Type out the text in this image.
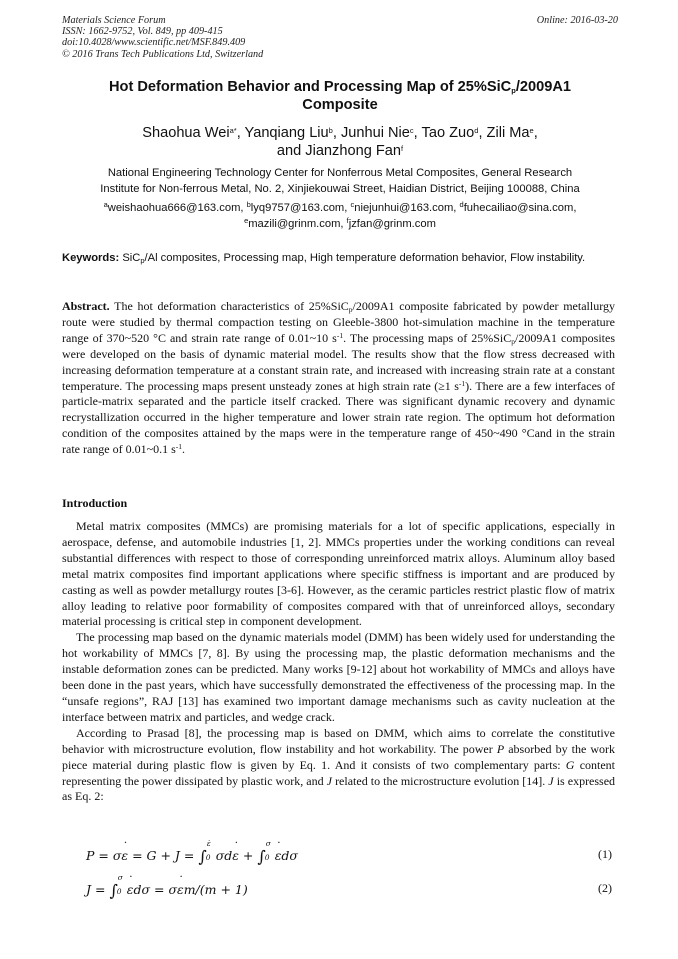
Materials Science Forum
ISSN: 1662-9752, Vol. 849, pp 409-415
doi:10.4028/www.scientific.net/MSF.849.409
© 2016 Trans Tech Publications Ltd, Switzerland
Online: 2016-03-20
Hot Deformation Behavior and Processing Map of 25%SiC$_p$/2009A1
Composite
Shaohua Wei$^{a*}$, Yanqiang Liu$^b$, Junhui Nie$^c$, Tao Zuo$^d$, Zili Ma$^e$,
and Jianzhong Fan$^f$
National Engineering Technology Center for Nonferrous Metal Composites, General Research
Institute for Non-ferrous Metal, No. 2, Xinjiekouwai Street, Haidian District, Beijing 100088, China
$^a$weishaohua666@163.com, $^b$lyq9757@163.com, $^c$niejunhui@163.com, $^d$fuhecailiao@sina.com,
$^e$mazili@grinm.com, $^f$jzfan@grinm.com
Keywords: SiC$_p$/Al composites, Processing map, High temperature deformation behavior, Flow instability.
Abstract. The hot deformation characteristics of 25%SiC$_p$/2009A1 composite fabricated by powder metallurgy route were studied by thermal compaction testing on Gleeble-3800 hot-simulation machine in the temperature range of 370~520 °C and strain rate range of 0.01~10 $s^{-1}$. The processing maps of 25%SiC$_p$/2009A1 composites were developed on the basis of dynamic material model. The results show that the flow stress decreased with increasing deformation temperature at a constant strain rate, and increased with increasing strain rate at a constant temperature. The processing maps present unsteady zones at high strain rate (≥1 $s^{-1}$). There are a few interfaces of particle-matrix separated and the particle itself cracked. There was significant dynamic recovery and dynamic recrystallization occurred in the higher temperature and lower strain rate region. The optimum hot deformation condition of the composites attained by the maps were in the temperature range of 450~490 °Cand in the strain rate range of 0.01~0.1 $s^{-1}$.
Introduction

Metal matrix composites (MMCs) are promising materials for a lot of specific applications, especially in aerospace, defense, and automobile industries [1, 2]. MMCs properties under the working conditions can reveal substantial differences with respect to those of corresponding unreinforced matrix alloys. Aluminum alloy based metal matrix composites find important applications where specific stiffness is important and are produced by casting as well as powder metallurgy routes [3-6]. However, as the ceramic particles restrict plastic flow of matrix alloy leading to relative poor formability of composites compared with that of unreinforced alloys, secondary material processing is critical step in component development.

The processing map based on the dynamic materials model (DMM) has been widely used for understanding the hot workability of MMCs [7, 8]. By using the processing map, the plastic deformation mechanisms and the instable deformation zones can be predicted. Many works [9-12] about hot workability of MMCs and alloys have been done in the past years, which have successfully demonstrated the effectiveness of the processing map. In the “unsafe regions”, RAJ [13] has examined two important damage mechanisms such as cavity nucleation at the interface between matrix and particles, and wedge crack.

According to Prasad [8], the processing map is based on DMM, which aims to correlate the constitutive behavior with microstructure evolution, flow instability and hot workability. The power P absorbed by the work piece material during plastic flow is given by Eq. 1. And it consists of two complementary parts: G content representing the power dissipated by plastic work, and J related to the microstructure evolution [14]. J is expressed as Eq. 2:

P = σε ˙ = G + J = ∫
ε̇
0 σdε ˙ + ∫
σ
0 ε ˙dσ	(1)
J = ∫
σ
0 ε ˙dσ = σε ˙m/(m + 1)	(2)
